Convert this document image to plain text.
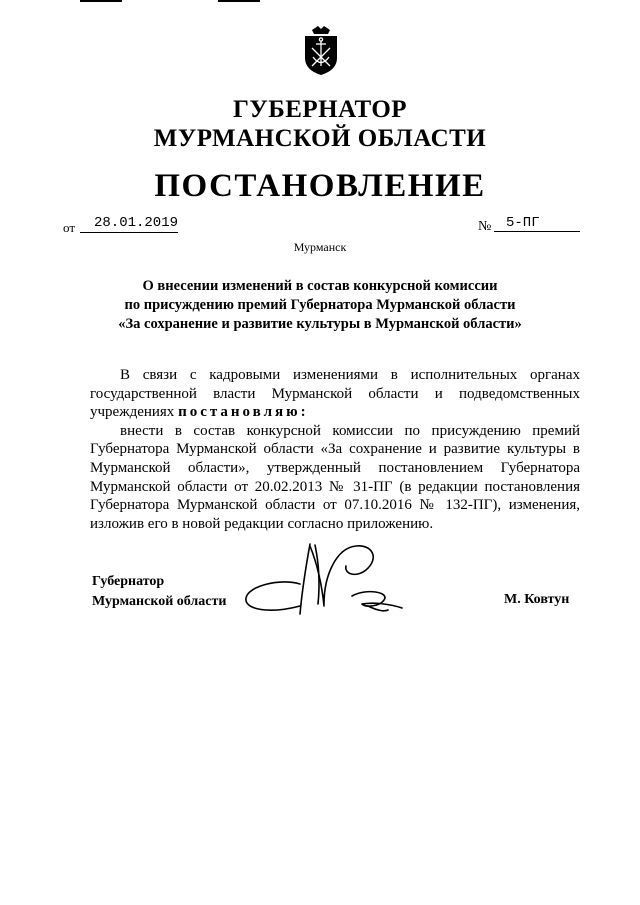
ГУБЕРНАТОР
МУРМАНСКОЙ ОБЛАСТИ
ПОСТАНОВЛЕНИЕ
от	28.01.2019	№	5-ПГ
Мурманск
О внесении изменений в состав конкурсной комиссии
по присуждению премий Губернатора Мурманской области
«За сохранение и развитие культуры в Мурманской области»

В связи с кадровыми изменениями в исполнительных органах государственной власти Мурманской области и подведомственных учреждениях постановляю:

внести в состав конкурсной комиссии по присуждению премий Губернатора Мурманской области «За сохранение и развитие культуры в Мурманской области», утвержденный постановлением Губернатора Мурманской области от 20.02.2013 № 31-ПГ (в редакции постановления Губернатора Мурманской области от 07.10.2016 № 132-ПГ), изменения, изложив его в новой редакции согласно приложению.

Губернатор
Мурманской области	М. Ковтун
